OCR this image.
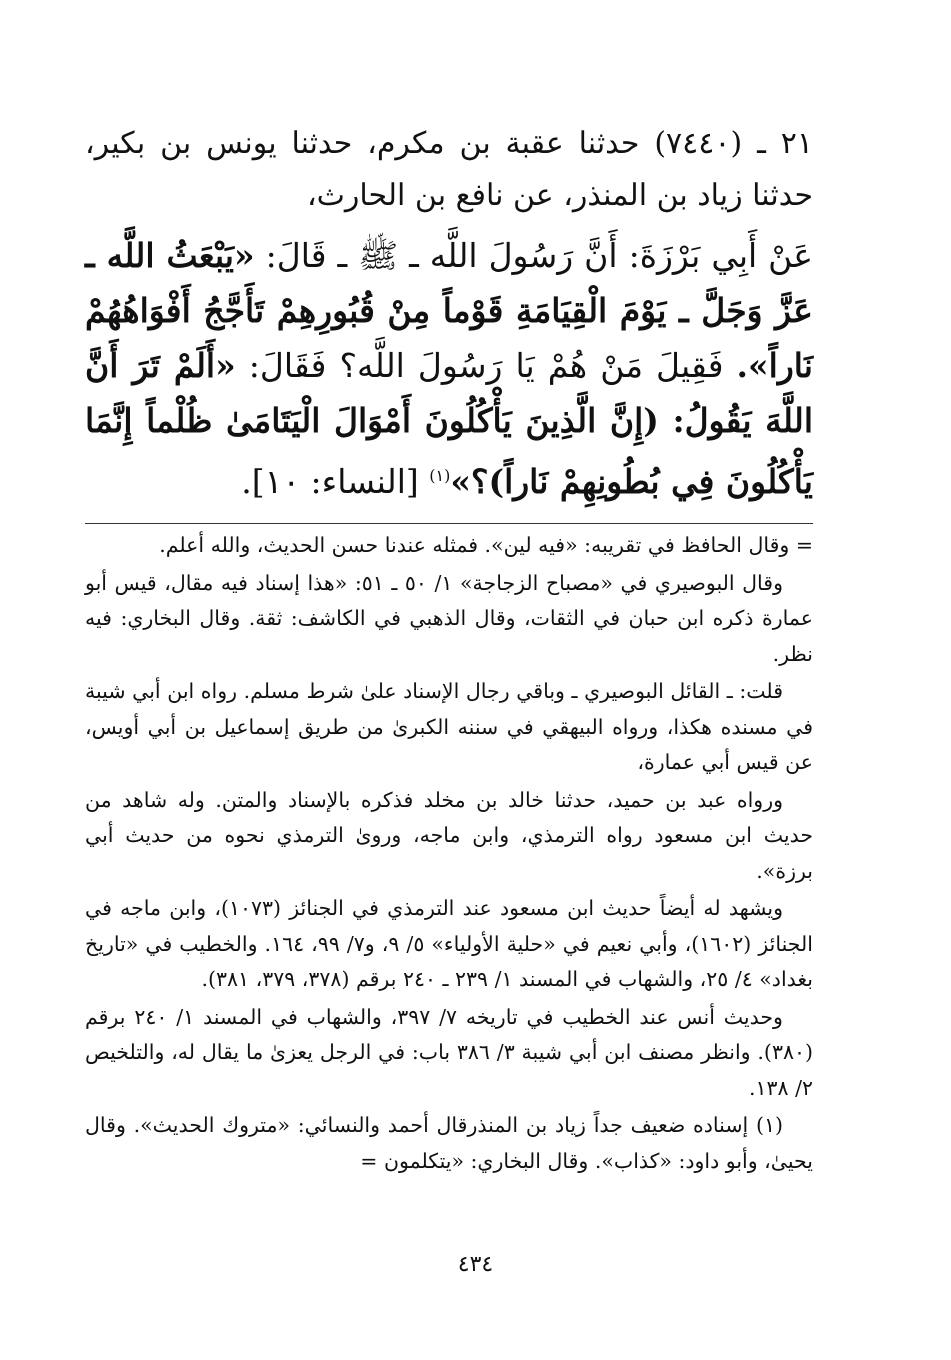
٢١ ـ (٧٤٤٠) حدثنا عقبة بن مكرم، حدثنا يونس بن بكير، حدثنا زياد بن المنذر، عن نافع بن الحارث،

عَنْ أَبِي بَرْزَةَ: أَنَّ رَسُولَ اللَّه ـ ﷺ ـ قَالَ: «يَبْعَثُ اللَّه ـ عَزَّ وَجَلَّ ـ يَوْمَ الْقِيَامَةِ قَوْماً مِنْ قُبُورِهِمْ تَأَجَّجُ أَفْوَاهُهُمْ نَاراً». فَقِيلَ مَنْ هُمْ يَا رَسُولَ اللَّه؟ فَقَالَ: «أَلَمْ تَرَ أَنَّ اللَّهَ يَقُولُ: (إِنَّ الَّذِينَ يَأْكُلُونَ أَمْوَالَ الْيَتَامَىٰ ظُلْماً إِنَّمَا يَأْكُلُونَ فِي بُطُونِهِمْ نَاراً)؟»$^{(١)}$ [النساء: ١٠].

= وقال الحافظ في تقريبه: «فيه لين». فمثله عندنا حسن الحديث، والله أعلم.

وقال البوصيري في «مصباح الزجاجة» ١/ ٥٠ ـ ٥١: «هذا إسناد فيه مقال، قيس أبو عمارة ذكره ابن حبان في الثقات، وقال الذهبي في الكاشف: ثقة. وقال البخاري: فيه نظر.

قلت: ـ القائل البوصيري ـ وباقي رجال الإسناد علىٰ شرط مسلم. رواه ابن أبي شيبة في مسنده هكذا، ورواه البيهقي في سننه الكبرىٰ من طريق إسماعيل بن أبي أويس، عن قيس أبي عمارة،

ورواه عبد بن حميد، حدثنا خالد بن مخلد فذكره بالإسناد والمتن. وله شاهد من حديث ابن مسعود رواه الترمذي، وابن ماجه، وروىٰ الترمذي نحوه من حديث أبي برزة».

ويشهد له أيضاً حديث ابن مسعود عند الترمذي في الجنائز (١٠٧٣)، وابن ماجه في الجنائز (١٦٠٢)، وأبي نعيم في «حلية الأولياء» ٥/ ٩، و٧/ ٩٩، ١٦٤. والخطيب في «تاريخ بغداد» ٤/ ٢٥، والشهاب في المسند ١/ ٢٣٩ ـ ٢٤٠ برقم (٣٧٨، ٣٧٩، ٣٨١).

وحديث أنس عند الخطيب في تاريخه ٧/ ٣٩٧، والشهاب في المسند ١/ ٢٤٠ برقم (٣٨٠). وانظر مصنف ابن أبي شيبة ٣/ ٣٨٦ باب: في الرجل يعزىٰ ما يقال له، والتلخيص ٢/ ١٣٨.

(١) إسناده ضعيف جداً زياد بن المنذرقال أحمد والنسائي: «متروك الحديث». وقال يحيىٰ، وأبو داود: «كذاب». وقال البخاري: «يتكلمون =

٤٣٤
